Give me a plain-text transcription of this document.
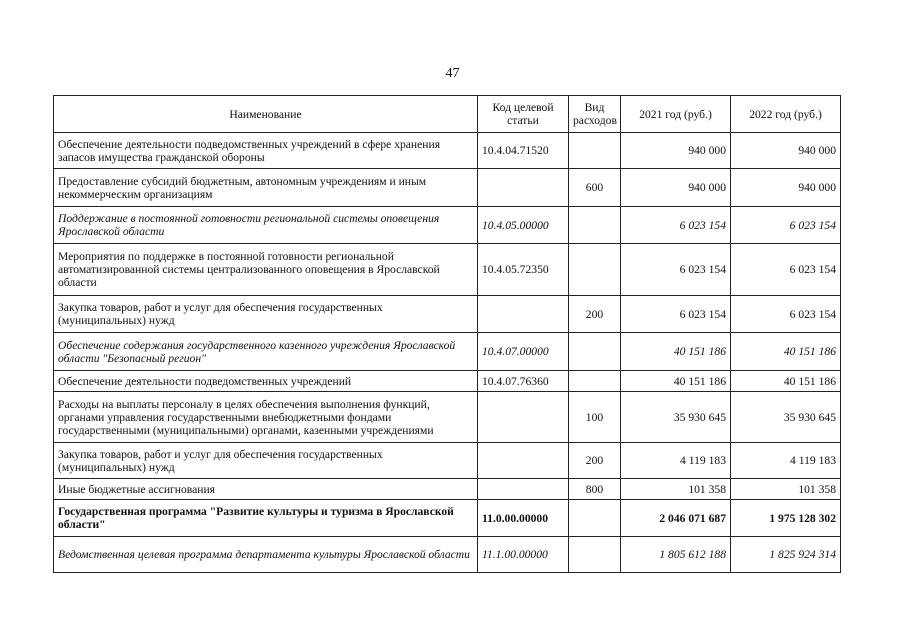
47
Наименование	Код целевой статьи	Вид расходов	2021 год (руб.)	2022 год (руб.)
Обеспечение деятельности подведомственных учреждений в сфере хранения запасов имущества гражданской обороны	10.4.04.71520		940 000	940 000
Предоставление субсидий бюджетным, автономным учреждениям и иным некоммерческим организациям		600	940 000	940 000
Поддержание в постоянной готовности региональной системы оповещения Ярославской области	10.4.05.00000		6 023 154	6 023 154
Мероприятия по поддержке в постоянной готовности региональной автоматизированной системы централизованного оповещения в Ярославской области	10.4.05.72350		6 023 154	6 023 154
Закупка товаров, работ и услуг для обеспечения государственных (муниципальных) нужд		200	6 023 154	6 023 154
Обеспечение содержания государственного казенного учреждения Ярославской области "Безопасный регион"	10.4.07.00000		40 151 186	40 151 186
Обеспечение деятельности подведомственных учреждений	10.4.07.76360		40 151 186	40 151 186
Расходы на выплаты персоналу в целях обеспечения выполнения функций, органами управления государственными внебюджетными фондами государственными (муниципальными) органами, казенными учреждениями		100	35 930 645	35 930 645
Закупка товаров, работ и услуг для обеспечения государственных (муниципальных) нужд		200	4 119 183	4 119 183
Иные бюджетные ассигнования		800	101 358	101 358
Государственная программа "Развитие культуры и туризма в Ярославской области"	11.0.00.00000		2 046 071 687	1 975 128 302
Ведомственная целевая программа департамента культуры Ярославской области	11.1.00.00000		1 805 612 188	1 825 924 314
